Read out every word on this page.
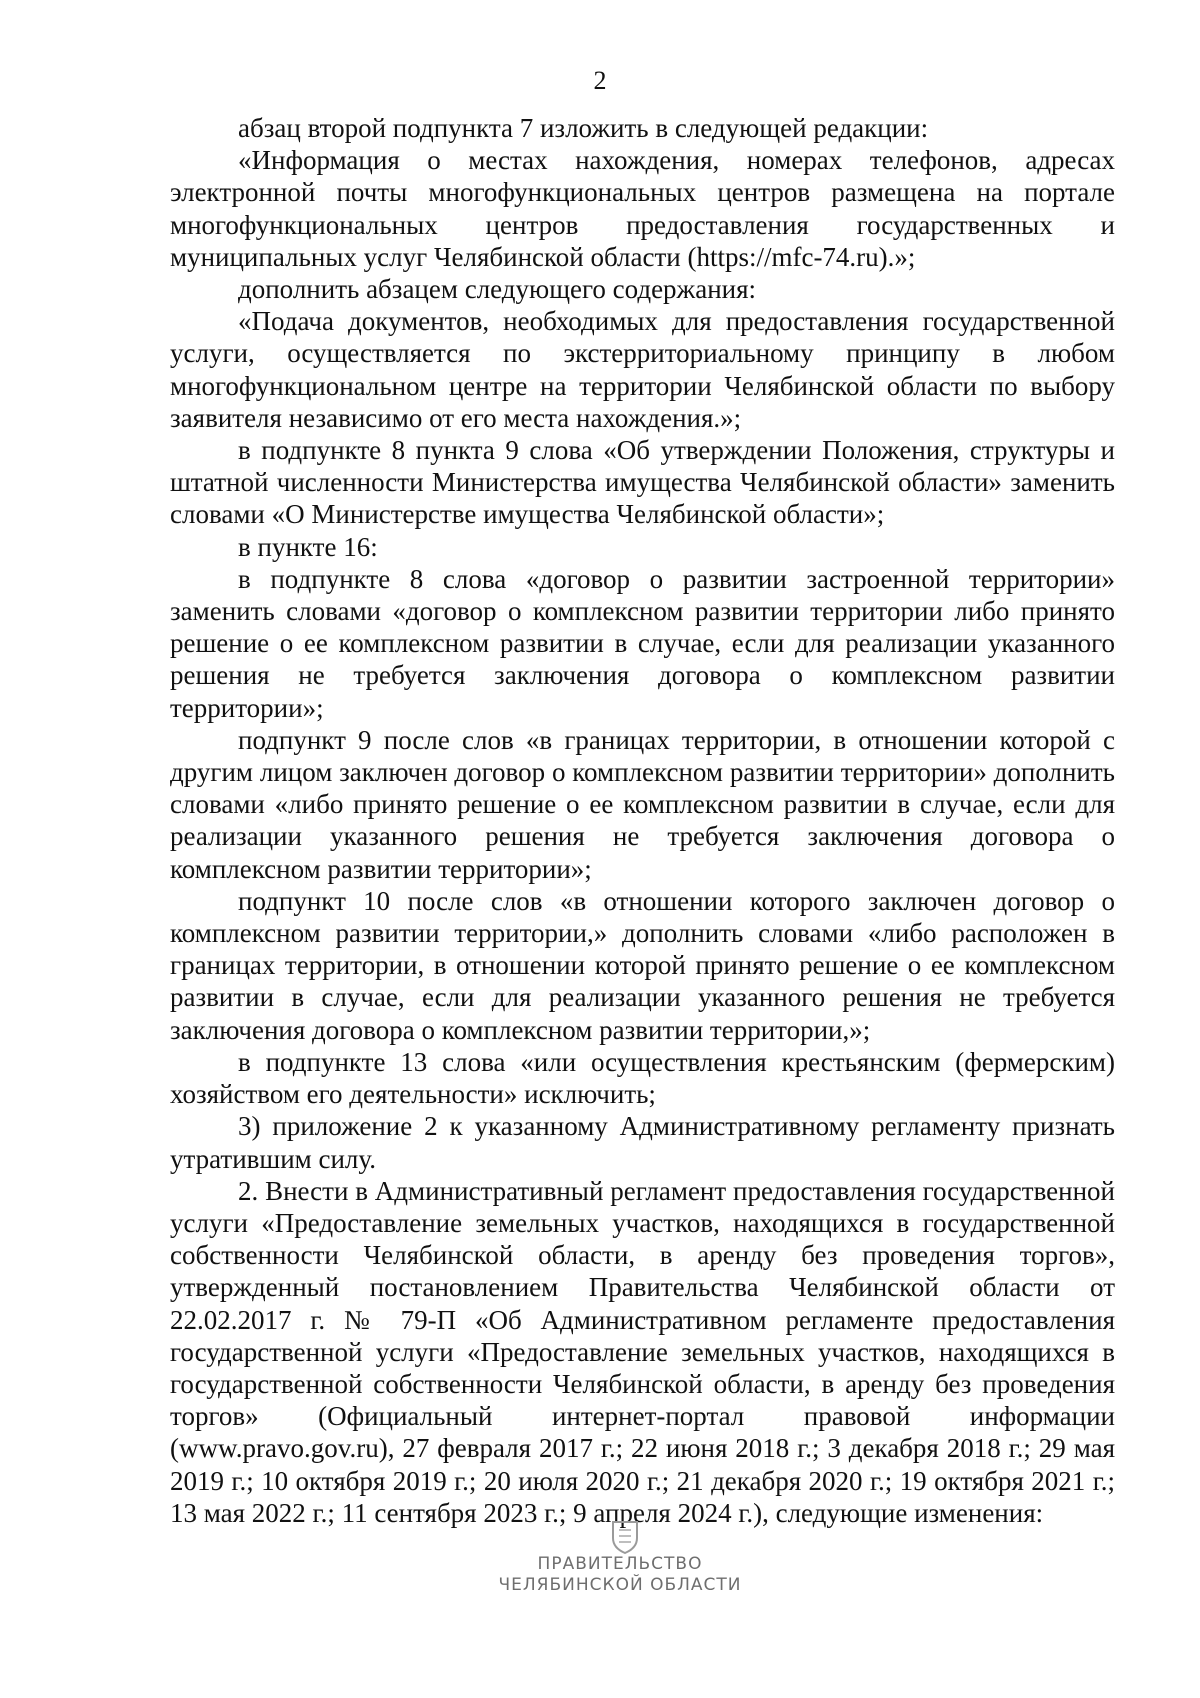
2

абзац второй подпункта 7 изложить в следующей редакции:

«Информация о местах нахождения, номерах телефонов, адресах электронной почты многофункциональных центров размещена на портале многофункциональных центров предоставления государственных и муниципальных услуг Челябинской области (https://mfc-74.ru).»;

дополнить абзацем следующего содержания:

«Подача документов, необходимых для предоставления государственной услуги, осуществляется по экстерриториальному принципу в любом многофункциональном центре на территории Челябинской области по выбору заявителя независимо от его места нахождения.»;

в подпункте 8 пункта 9 слова «Об утверждении Положения, структуры и штатной численности Министерства имущества Челябинской области» заменить словами «О Министерстве имущества Челябинской области»;

в пункте 16:

в подпункте 8 слова «договор о развитии застроенной территории» заменить словами «договор о комплексном развитии территории либо принято решение о ее комплексном развитии в случае, если для реализации указанного решения не требуется заключения договора о комплексном развитии территории»;

подпункт 9 после слов «в границах территории, в отношении которой с другим лицом заключен договор о комплексном развитии территории» дополнить словами «либо принято решение о ее комплексном развитии в случае, если для реализации указанного решения не требуется заключения договора о комплексном развитии территории»;

подпункт 10 после слов «в отношении которого заключен договор о комплексном развитии территории,» дополнить словами «либо расположен в границах территории, в отношении которой принято решение о ее комплексном развитии в случае, если для реализации указанного решения не требуется заключения договора о комплексном развитии территории,»;

в подпункте 13 слова «или осуществления крестьянским (фермерским) хозяйством его деятельности» исключить;

3) приложение 2 к указанному Административному регламенту признать утратившим силу.

2. Внести в Административный регламент предоставления государственной услуги «Предоставление земельных участков, находящихся в государственной собственности Челябинской области, в аренду без проведения торгов», утвержденный постановлением Правительства Челябинской области от 22.02.2017 г. № 79-П «Об Административном регламенте предоставления государственной услуги «Предоставление земельных участков, находящихся в государственной собственности Челябинской области, в аренду без проведения торгов» (Официальный интернет-портал правовой информации (www.pravo.gov.ru), 27 февраля 2017 г.; 22 июня 2018 г.; 3 декабря 2018 г.; 29 мая 2019 г.; 10 октября 2019 г.; 20 июля 2020 г.; 21 декабря 2020 г.; 19 октября 2021 г.; 13 мая 2022 г.; 11 сентября 2023 г.; 9 апреля 2024 г.), следующие изменения:

ПРАВИТЕЛЬСТВО
ЧЕЛЯБИНСКОЙ ОБЛАСТИ
